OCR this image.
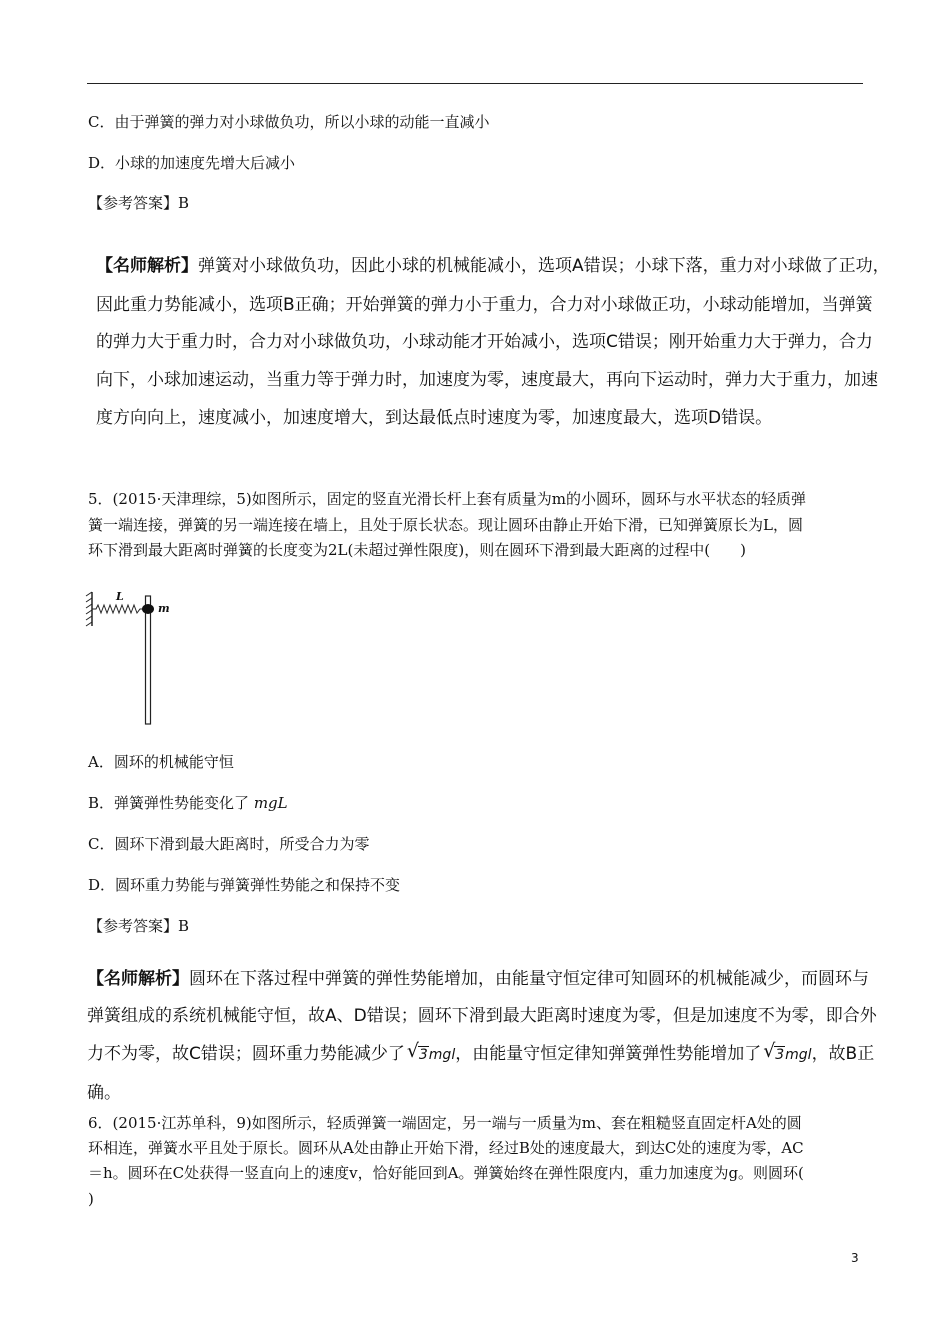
C．由于弹簧的弹力对小球做负功，所以小球的动能一直减小
D．小球的加速度先增大后减小
【参考答案】B
【名师解析】弹簧对小球做负功，因此小球的机械能减小，选项A错误；小球下落，重力对小球做了正功，
因此重力势能减小，选项B正确；开始弹簧的弹力小于重力，合力对小球做正功，小球动能增加，当弹簧
的弹力大于重力时，合力对小球做负功，小球动能才开始减小，选项C错误；刚开始重力大于弹力，合力
向下，小球加速运动，当重力等于弹力时，加速度为零，速度最大，再向下运动时，弹力大于重力，加速
度方向向上，速度减小，加速度增大，到达最低点时速度为零，加速度最大，选项D错误。
5．(2015·天津理综，5)如图所示，固定的竖直光滑长杆上套有质量为m的小圆环，圆环与水平状态的轻质弹
簧一端连接，弹簧的另一端连接在墙上，且处于原长状态。现让圆环由静止开始下滑，已知弹簧原长为L，圆
环下滑到最大距离时弹簧的长度变为2L(未超过弹性限度)，则在圆环下滑到最大距离的过程中(　　)
L
m
A．圆环的机械能守恒
B．弹簧弹性势能变化了 mgL
C．圆环下滑到最大距离时，所受合力为零
D．圆环重力势能与弹簧弹性势能之和保持不变
【参考答案】B
【名师解析】圆环在下落过程中弹簧的弹性势能增加，由能量守恒定律可知圆环的机械能减少，而圆环与
弹簧组成的系统机械能守恒，故A、D错误；圆环下滑到最大距离时速度为零，但是加速度不为零，即合外
力不为零，故C错误；圆环重力势能减少了 √ 3mgl，由能量守恒定律知弹簧弹性势能增加了 √ 3mgl，故B正
确。
6．(2015·江苏单科，9)如图所示，轻质弹簧一端固定，另一端与一质量为m、套在粗糙竖直固定杆A处的圆
环相连，弹簧水平且处于原长。圆环从A处由静止开始下滑，经过B处的速度最大，到达C处的速度为零，AC
＝h。圆环在C处获得一竖直向上的速度v，恰好能回到A。弹簧始终在弹性限度内，重力加速度为g。则圆环(
)
3
